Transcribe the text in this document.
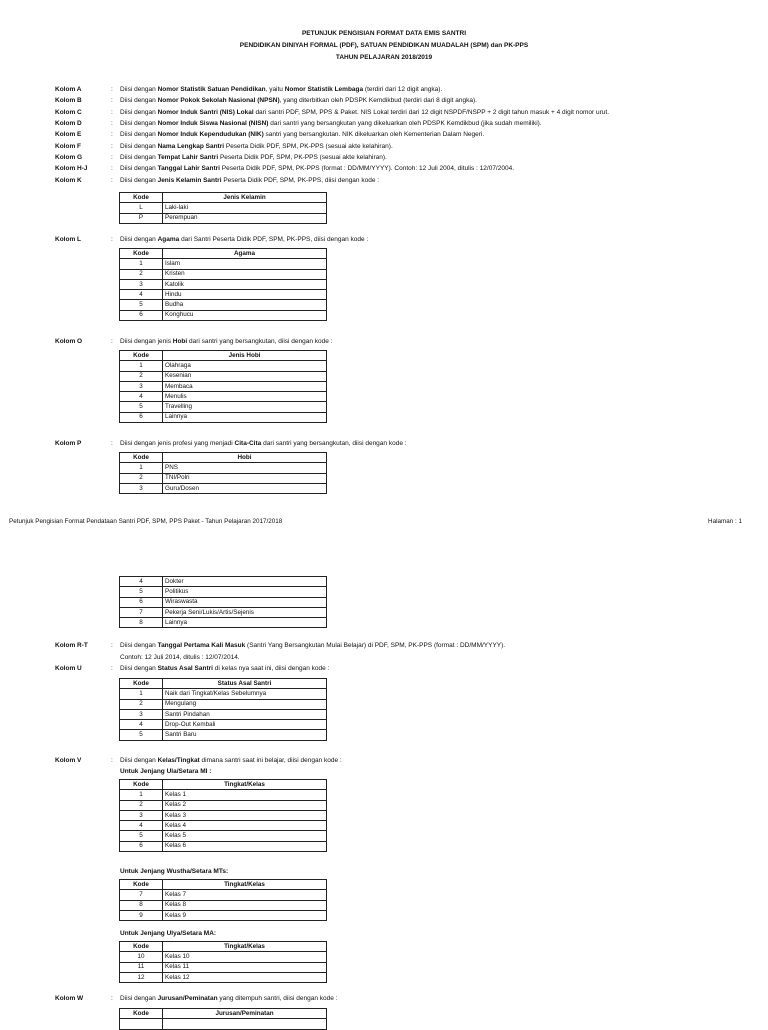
PETUNJUK PENGISIAN FORMAT DATA EMIS SANTRI
PENDIDIKAN DINIYAH FORMAL (PDF), SATUAN PENDIDIKAN MUADALAH (SPM) dan PK-PPS
TAHUN PELAJARAN 2018/2019
Kolom A	: Diisi dengan Nomor Statistik Satuan Pendidikan, yaitu Nomor Statistik Lembaga (terdiri dari 12 digit angka).
Kolom B	: Diisi dengan Nomor Pokok Sekolah Nasional (NPSN), yang diterbitkan oleh PDSPK Kemdikbud (terdiri dari 8 digit angka).
Kolom C	: Diisi dengan Nomor Induk Santri (NIS) Lokal dari santri PDF, SPM, PPS & Paket. NIS Lokal terdiri dari 12 digit NSPDF/NSPP + 2 digit tahun masuk + 4 digit nomor urut.
Kolom D	: Diisi dengan Nomor Induk Siswa Nasional (NISN) dari santri yang bersangkutan yang dikeluarkan oleh PDSPK Kemdikbud (jika sudah memiliki).
Kolom E	: Diisi dengan Nomor Induk Kependudukan (NIK) santri yang bersangkutan. NIK dikeluarkan oleh Kementerian Dalam Negeri.
Kolom F	: Diisi dengan Nama Lengkap Santri Peserta Didik PDF, SPM, PK-PPS (sesuai akte kelahiran).
Kolom G	: Diisi dengan Tempat Lahir Santri Peserta Didik PDF, SPM, PK-PPS (sesuai akte kelahiran).
Kolom H-J	: Diisi dengan Tanggal Lahir Santri Peserta Didik PDF, SPM, PK-PPS (format : DD/MM/YYYY). Contoh: 12 Juli 2004, ditulis : 12/07/2004.
Kolom K	: Diisi dengan Jenis Kelamin Santri Peserta Didik PDF, SPM, PK-PPS, diisi dengan kode :
Kode	Jenis Kelamin
L	Laki-laki
P	Perempuan
Kolom L	: Diisi dengan Agama dari Santri Peserta Didik PDF, SPM, PK-PPS, diisi dengan kode :
Kode	Agama
1	Islam
2	Kristen
3	Katolik
4	Hindu
5	Budha
6	Konghucu
Kolom O	: Diisi dengan jenis Hobi dari santri yang bersangkutan, diisi dengan kode :
Kode	Jenis Hobi
1	Olahraga
2	Kesenian
3	Membaca
4	Menulis
5	Travelling
6	Lainnya
Kolom P	: Diisi dengan jenis profesi yang menjadi Cita-Cita dari santri yang bersangkutan, diisi dengan kode :
Kode	Hobi
1	PNS
2	TNI/Polri
3	Guru/Dosen
Petunjuk Pengisian Format Pendataan Santri PDF, SPM, PPS Paket - Tahun Pelajaran 2017/2018	Halaman : 1
4	Dokter
5	Politikus
6	Wiraswasta
7	Pekerja Seni/Lukis/Artis/Sejenis
8	Lainnya
Kolom R-T	: Diisi dengan Tanggal Pertama Kali Masuk (Santri Yang Bersangkutan Mulai Belajar) di PDF, SPM, PK-PPS (format : DD/MM/YYYY).
Contoh: 12 Juli 2014, ditulis : 12/07/2014.
Kolom U	: Diisi dengan Status Asal Santri di kelas nya saat ini, diisi dengan kode :
Kode	Status Asal Santri
1	Naik dari Tingkat/Kelas Sebelumnya
2	Mengulang
3	Santri Pindahan
4	Drop-Out Kembali
5	Santri Baru
Kolom V	: Diisi dengan Kelas/Tingkat dimana santri saat ini belajar, diisi dengan kode :
Untuk Jenjang Ula/Setara MI :
Kode	Tingkat/Kelas
1	Kelas 1
2	Kelas 2
3	Kelas 3
4	Kelas 4
5	Kelas 5
6	Kelas 6
Untuk Jenjang Wustha/Setara MTs:
Kode	Tingkat/Kelas
7	Kelas 7
8	Kelas 8
9	Kelas 9
Untuk Jenjang Ulya/Setara MA:
Kode	Tingkat/Kelas
10	Kelas 10
11	Kelas 11
12	Kelas 12
Kolom W	: Diisi dengan Jurusan/Peminatan yang ditempuh santri, diisi dengan kode :
Kode	Jurusan/Peminatan
